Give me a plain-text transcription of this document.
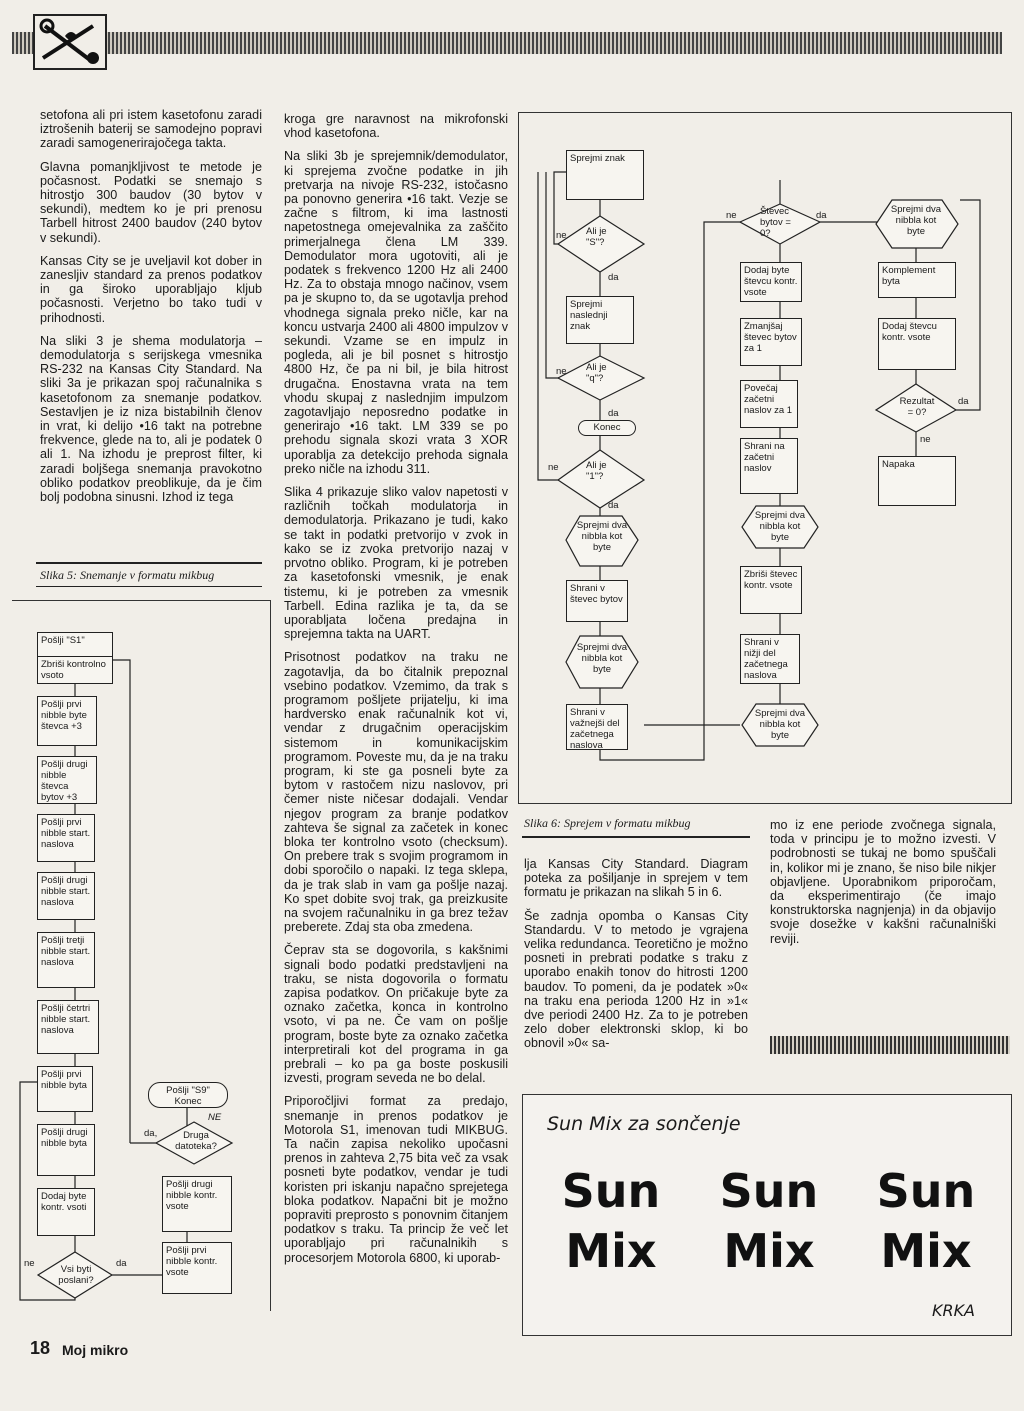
setofona ali pri istem kasetofonu zaradi iztrošenih baterij se samodejno popravi zaradi samogenerirajočega takta.

Glavna pomanjkljivost te metode je počasnost. Podatki se snemajo s hitrostjo 300 baudov (30 bytov v sekundi), medtem ko je pri prenosu Tarbell hitrost 2400 baudov (240 bytov v sekundi).

Kansas City se je uveljavil kot dober in zanesljiv standard za prenos podatkov in ga široko uporabljajo kljub počasnosti. Verjetno bo tako tudi v prihodnosti.

Na sliki 3 je shema modulatorja – demodulatorja s serijskega vmesnika RS-232 na Kansas City Standard. Na sliki 3a je prikazan spoj računalnika s kasetofonom za snemanje podatkov. Sestavljen je iz niza bistabilnih členov in vrat, ki delijo •16 takt na potrebne frekvence, glede na to, ali je podatek 0 ali 1. Na izhodu je preprost filter, ki zaradi boljšega snemanja pravokotno obliko podatkov preoblikuje, da je čim bolj podobna sinusni. Izhod iz tega

kroga gre naravnost na mikrofonski vhod kasetofona.

Na sliki 3b je sprejemnik/demodulator, ki sprejema zvočne podatke in jih pretvarja na nivoje RS-232, istočasno pa ponovno generira •16 takt. Vezje se začne s filtrom, ki ima lastnosti napetostnega omejevalnika za zaščito primerjalnega člena LM 339. Demodulator mora ugotoviti, ali je podatek s frekvenco 1200 Hz ali 2400 Hz. Za to obstaja mnogo načinov, vsem pa je skupno to, da se ugotavlja prehod vhodnega signala preko ničle, kar na koncu ustvarja 2400 ali 4800 impulzov v sekundi. Vzame se en impulz in pogleda, ali je bil posnet s hitrostjo 4800 Hz, če pa ni bil, je bila hitrost drugačna. Enostavna vrata na tem vhodu skupaj z naslednjim impulzom zagotavljajo neposredno podatke in generirajo •16 takt. LM 339 se po prehodu signala skozi vrata 3 XOR uporablja za detekcijo prehoda signala preko ničle na izhodu 311.

Slika 4 prikazuje sliko valov napetosti v različnih točkah modulatorja in demodulatorja. Prikazano je tudi, kako se takt in podatki pretvorijo v zvok in kako se iz zvoka pretvorijo nazaj v prvotno obliko. Program, ki je potreben za kasetofonski vmesnik, je enak tistemu, ki je potreben za vmesnik Tarbell. Edina razlika je ta, da se uporabljata ločena predajna in sprejemna takta na UART.

Prisotnost podatkov na traku ne zagotavlja, da bo čitalnik prepoznal vsebino podatkov. Vzemimo, da trak s programom pošljete prijatelju, ki ima hardversko enak računalnik kot vi, vendar z drugačnim operacijskim sistemom in komunikacijskim programom. Poveste mu, da je na traku program, ki ste ga posneli byte za bytom v rastočem nizu naslovov, pri čemer niste ničesar dodajali. Vendar njegov program za branje podatkov zahteva še signal za začetek in konec bloka ter kontrolno vsoto (checksum). On prebere trak s svojim programom in dobi sporočilo o napaki. Iz tega sklepa, da je trak slab in vam ga pošlje nazaj. Ko spet dobite svoj trak, ga preizkusite na svojem računalniku in ga brez težav preberete. Zdaj sta oba zmedena.

Čeprav sta se dogovorila, s kakšnimi signali bodo podatki predstavljeni na traku, se nista dogovorila o formatu zapisa podatkov. On pričakuje byte za oznako začetka, konca in kontrolno vsoto, vi pa ne. Če vam on pošlje program, boste byte za oznako začetka interpretirali kot del programa in ga prebrali – ko pa ga boste poskusili izvesti, program seveda ne bo delal.

Priporočljivi format za predajo, snemanje in prenos podatkov je Motorola S1, imenovan tudi MIKBUG. Ta način zapisa nekoliko upočasni prenos in zahteva 2,75 bita več za vsak posneti byte podatkov, vendar je tudi koristen pri iskanju napačno sprejetega bloka podatkov. Napačni bit je možno popraviti preprosto s ponovnim čitanjem podatkov s traku. Ta princip že več let uporabljajo pri računalnikih s procesorjem Motorola 6800, ki uporab-

lja Kansas City Standard. Diagram poteka za pošiljanje in sprejem v tem formatu je prikazan na slikah 5 in 6.

Še zadnja opomba o Kansas City Standardu. V to metodo je vgrajena velika redundanca. Teoretično je možno posneti in prebrati podatke s traku z uporabo enakih tonov do hitrosti 1200 baudov. To pomeni, da je podatek »0« na traku ena perioda 1200 Hz in »1« dve periodi 2400 Hz. Za to je potreben zelo dober elektronski sklop, ki bo obnovil »0« sa-

mo iz ene periode zvočnega signala, toda v principu je to možno izvesti. V podrobnosti se tukaj ne bomo spuščali in, kolikor mi je znano, še niso bile nikjer objavljene. Uporabnikom priporočam, da eksperimentirajo (če imajo konstruktorska nagnjenja) in da objavijo svoje dosežke v kakšni računalniški reviji.

Slika 5: Snemanje v formatu mikbug
Pošlji "S1"
Zbriši kontrolno vsoto
Pošlji prvi nibble byte števca +3
Pošlji drugi nibble števca bytov +3
Pošlji prvi nibble start. naslova
Pošlji drugi nibble start. naslova
Pošlji tretji nibble start. naslova
Pošlji četrtri nibble start. naslova
Pošlji prvi nibble byta
Pošlji drugi nibble byta
Dodaj byte kontr. vsoti
Pošlji drugi nibble kontr. vsote
Pošlji prvi nibble kontr. vsote
Pošlji "S9" Konec
Druga datoteka?
Vsi byti poslani?
ne	da
da,
NE
Sprejmi znak
Sprejmi naslednji znak
Shrani v števec bytov
Shrani v važnejši del začetnega naslova
Ali je "S"?
Ali je "q"?
Ali je "1"?
Konec
Sprejmi dva nibbla kot byte
Sprejmi dva nibbla kot byte
Števec bytov = 0?
Dodaj byte števcu kontr. vsote
Zmanjšaj števec bytov za 1
Povečaj začetni naslov za 1
Shrani na začetni naslov
Sprejmi dva nibbla kot byte
Zbriši števec kontr. vsote
Shrani v nižji del začetnega naslova
Sprejmi dva nibbla kot byte
Sprejmi dva nibbla kot byte
Komplement byta
Dodaj števcu kontr. vsote
Rezultat = 0?
Napaka
ne
da
ne
da
ne
da
ne	da
da
ne
Slika 6: Sprejem v formatu mikbug
Sun Mix za sončenje
Sun
Mix
Sun
Mix
Sun
Mix
KRKA
18 Moj mikro
